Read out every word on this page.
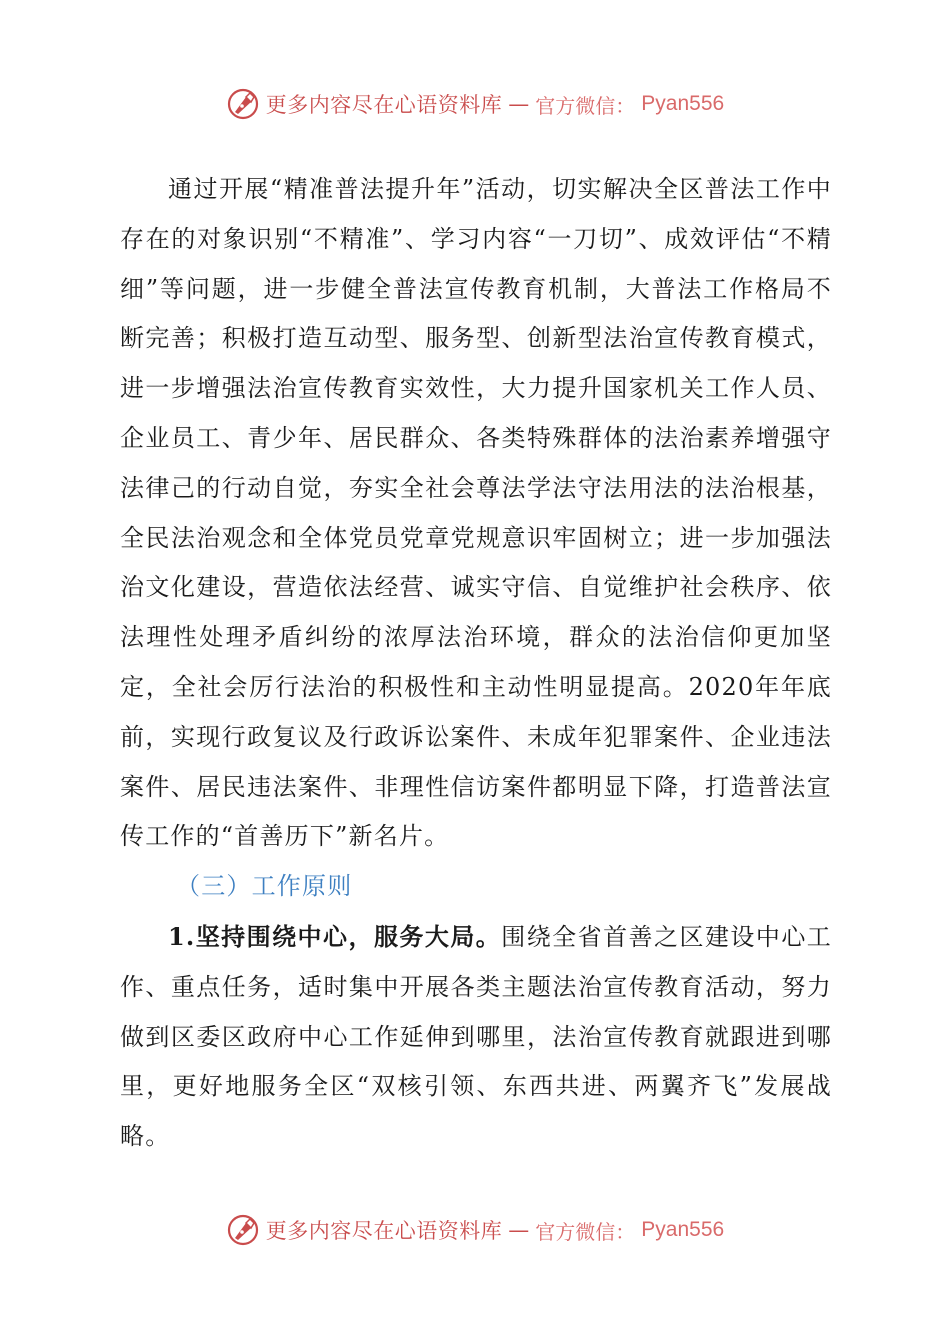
更多内容尽在心语资料库 — 官方微信： Pyan556

通过开展“精准普法提升年”活动，切实解决全区普法工作中存在的对象识别“不精准”、学习内容“一刀切”、成效评估“不精细”等问题，进一步健全普法宣传教育机制，大普法工作格局不断完善；积极打造互动型、服务型、创新型法治宣传教育模式，进一步增强法治宣传教育实效性，大力提升国家机关工作人员、企业员工、青少年、居民群众、各类特殊群体的法治素养增强守法律己的行动自觉，夯实全社会尊法学法守法用法的法治根基，全民法治观念和全体党员党章党规意识牢固树立；进一步加强法治文化建设，营造依法经营、诚实守信、自觉维护社会秩序、依法理性处理矛盾纠纷的浓厚法治环境，群众的法治信仰更加坚定，全社会厉行法治的积极性和主动性明显提高。2020年年底前，实现行政复议及行政诉讼案件、未成年犯罪案件、企业违法案件、居民违法案件、非理性信访案件都明显下降，打造普法宣传工作的“首善历下”新名片。

（三）工作原则

1.坚持围绕中心，服务大局。围绕全省首善之区建设中心工作、重点任务，适时集中开展各类主题法治宣传教育活动，努力做到区委区政府中心工作延伸到哪里，法治宣传教育就跟进到哪里，更好地服务全区“双核引领、东西共进、两翼齐飞”发展战略。

更多内容尽在心语资料库 — 官方微信： Pyan556
